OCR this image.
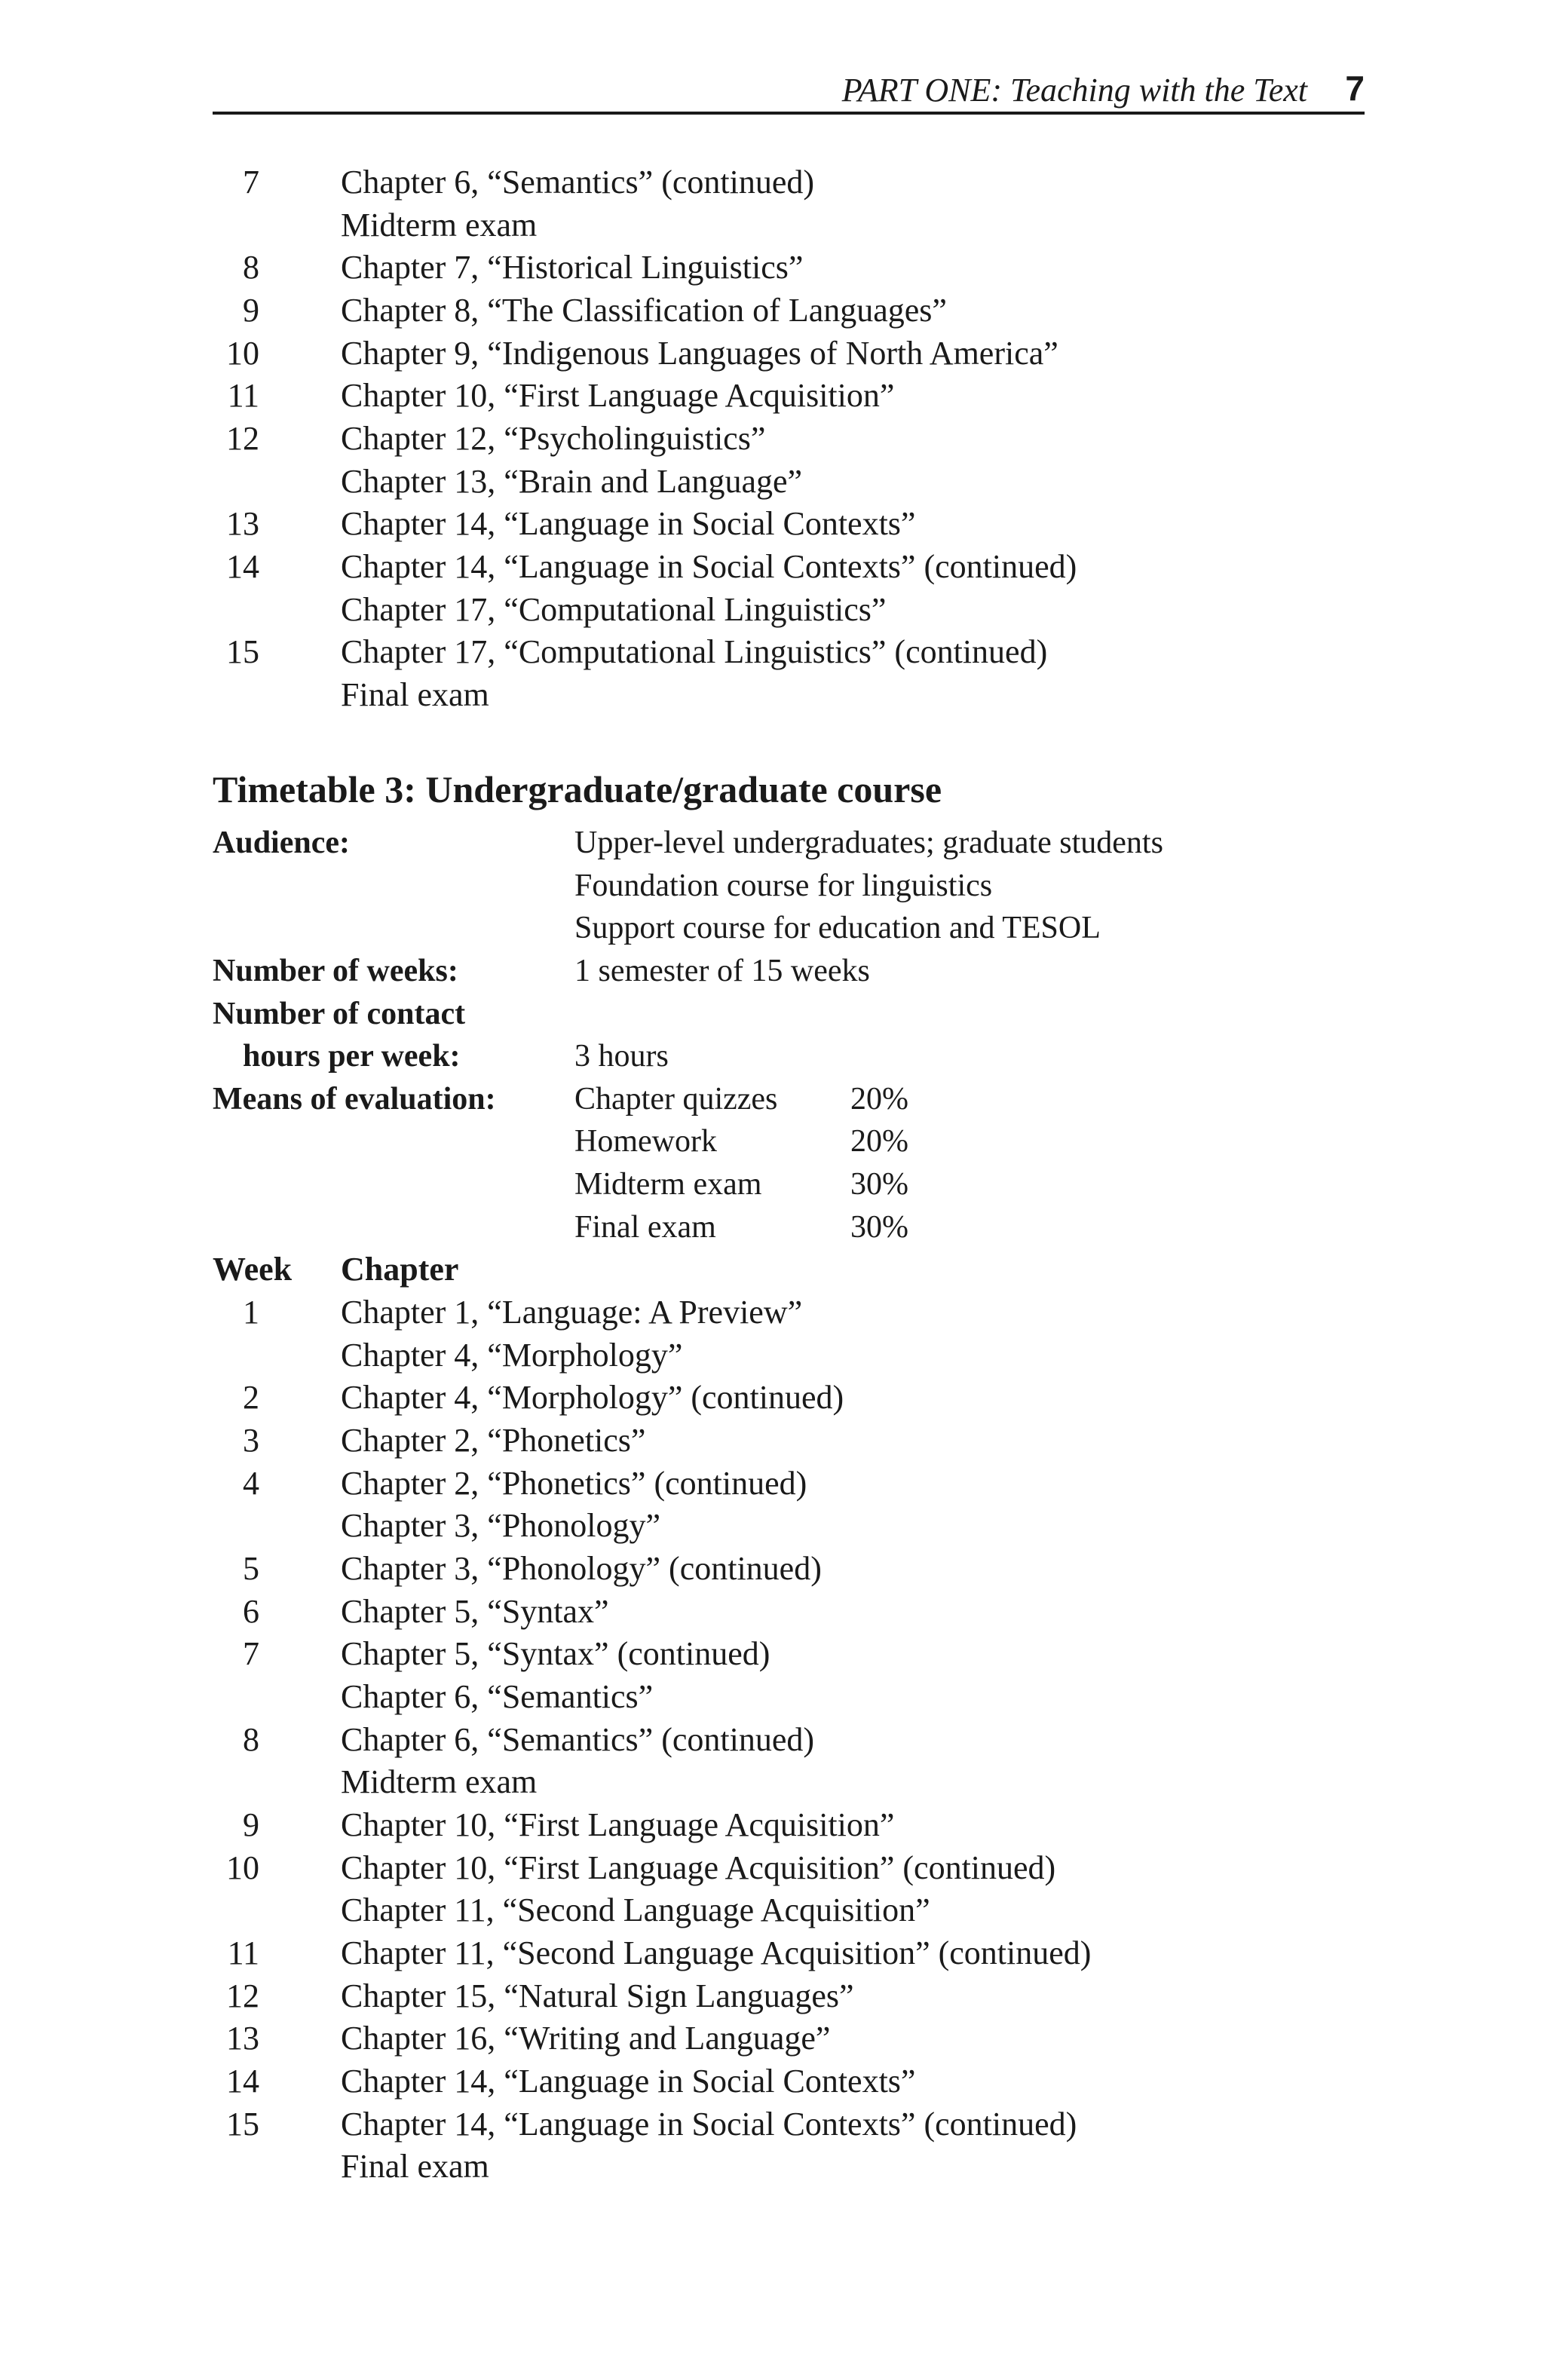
PART ONE: Teaching with the Text 7
7 Chapter 6, “Semantics” (continued)
Midterm exam
8 Chapter 7, “Historical Linguistics”
9 Chapter 8, “The Classification of Languages”
10 Chapter 9, “Indigenous Languages of North America”
11 Chapter 10, “First Language Acquisition”
12 Chapter 12, “Psycholinguistics”
Chapter 13, “Brain and Language”
13 Chapter 14, “Language in Social Contexts”
14 Chapter 14, “Language in Social Contexts” (continued)
Chapter 17, “Computational Linguistics”
15 Chapter 17, “Computational Linguistics” (continued)
Final exam
Timetable 3: Undergraduate/graduate course
Audience:	Upper-level undergraduates; graduate students
Foundation course for linguistics
Support course for education and TESOL
Number of weeks:	1 semester of 15 weeks
Number of contact
hours per week:	3 hours
Means of evaluation: Chapter quizzes 20%
Homework	20%
Midterm exam	30%
Final exam	30%
Week Chapter
1 Chapter 1, “Language: A Preview”
Chapter 4, “Morphology”
2 Chapter 4, “Morphology” (continued)
3 Chapter 2, “Phonetics”
4 Chapter 2, “Phonetics” (continued)
Chapter 3, “Phonology”
5 Chapter 3, “Phonology” (continued)
6 Chapter 5, “Syntax”
7 Chapter 5, “Syntax” (continued)
Chapter 6, “Semantics”
8 Chapter 6, “Semantics” (continued)
Midterm exam
9 Chapter 10, “First Language Acquisition”
10 Chapter 10, “First Language Acquisition” (continued)
Chapter 11, “Second Language Acquisition”
11 Chapter 11, “Second Language Acquisition” (continued)
12 Chapter 15, “Natural Sign Languages”
13 Chapter 16, “Writing and Language”
14 Chapter 14, “Language in Social Contexts”
15 Chapter 14, “Language in Social Contexts” (continued)
Final exam
